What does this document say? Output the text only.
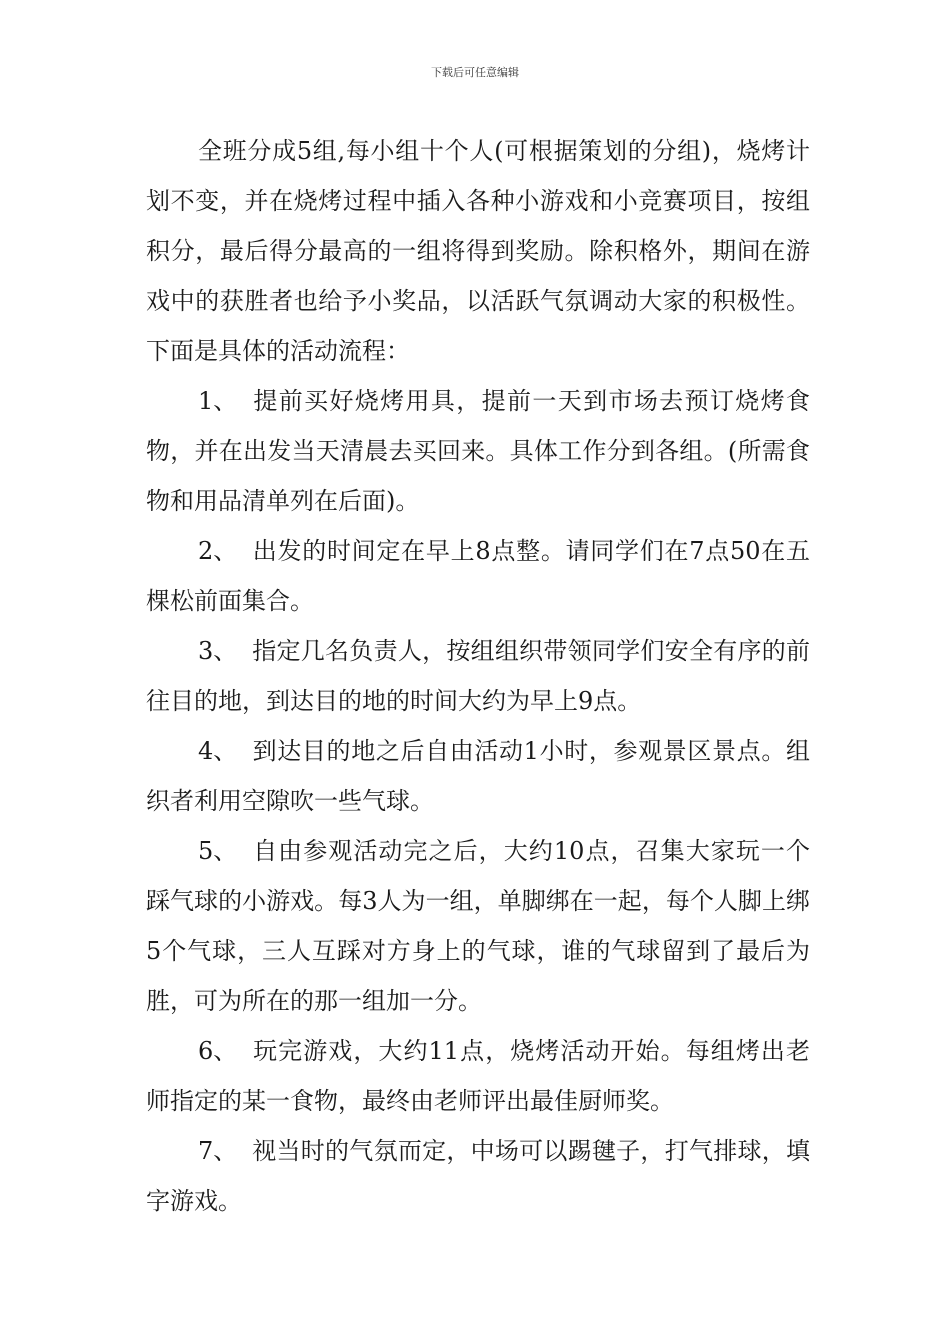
下载后可任意编辑

全班分成5组,每小组十个人(可根据策划的分组)，烧烤计划不变，并在烧烤过程中插入各种小游戏和小竞赛项目，按组积分，最后得分最高的一组将得到奖励。除积格外，期间在游戏中的获胜者也给予小奖品，以活跃气氛调动大家的积极性。下面是具体的活动流程：

1、 提前买好烧烤用具，提前一天到市场去预订烧烤食物，并在出发当天清晨去买回来。具体工作分到各组。(所需食物和用品清单列在后面)。

2、 出发的时间定在早上8点整。请同学们在7点50在五棵松前面集合。

3、 指定几名负责人，按组组织带领同学们安全有序的前往目的地，到达目的地的时间大约为早上9点。

4、 到达目的地之后自由活动1小时，参观景区景点。组织者利用空隙吹一些气球。

5、 自由参观活动完之后，大约10点，召集大家玩一个踩气球的小游戏。每3人为一组，单脚绑在一起，每个人脚上绑5个气球，三人互踩对方身上的气球，谁的气球留到了最后为胜，可为所在的那一组加一分。

6、 玩完游戏，大约11点，烧烤活动开始。每组烤出老师指定的某一食物，最终由老师评出最佳厨师奖。

7、 视当时的气氛而定，中场可以踢毽子，打气排球，填字游戏。
